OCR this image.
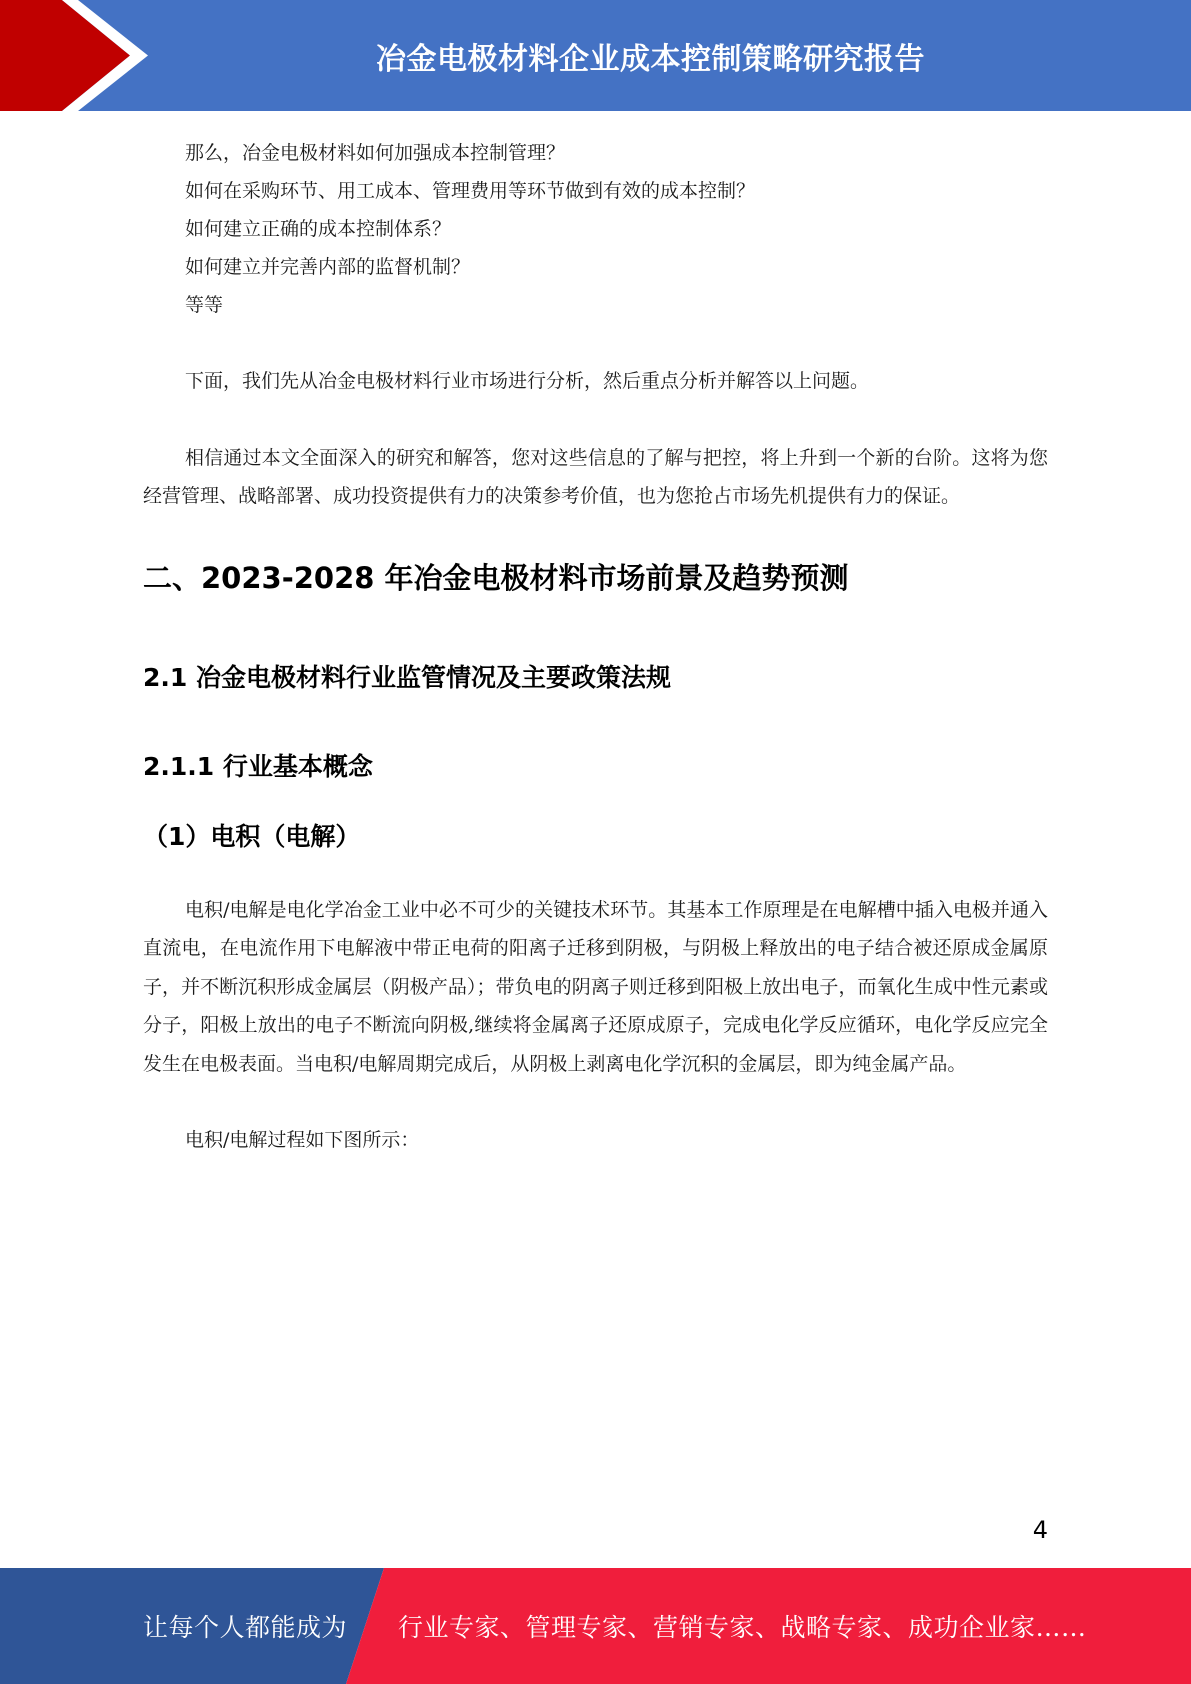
冶金电极材料企业成本控制策略研究报告

那么，冶金电极材料如何加强成本控制管理？

如何在采购环节、用工成本、管理费用等环节做到有效的成本控制？

如何建立正确的成本控制体系？

如何建立并完善内部的监督机制？

等等

下面，我们先从冶金电极材料行业市场进行分析，然后重点分析并解答以上问题。

相信通过本文全面深入的研究和解答，您对这些信息的了解与把控，将上升到一个新的台阶。这将为您经营管理、战略部署、成功投资提供有力的决策参考价值，也为您抢占市场先机提供有力的保证。

二、2023-2028 年冶金电极材料市场前景及趋势预测
2.1 冶金电极材料行业监管情况及主要政策法规
2.1.1 行业基本概念
（1）电积（电解）

电积/电解是电化学冶金工业中必不可少的关键技术环节。其基本工作原理是在电解槽中插入电极并通入直流电，在电流作用下电解液中带正电荷的阳离子迁移到阴极，与阴极上释放出的电子结合被还原成金属原子，并不断沉积形成金属层（阴极产品）；带负电的阴离子则迁移到阳极上放出电子，而氧化生成中性元素或分子，阳极上放出的电子不断流向阴极,继续将金属离子还原成原子，完成电化学反应循环，电化学反应完全发生在电极表面。当电积/电解周期完成后，从阴极上剥离电化学沉积的金属层，即为纯金属产品。

电积/电解过程如下图所示：

4
让每个人都能成为 行业专家、管理专家、营销专家、战略专家、成功企业家……
